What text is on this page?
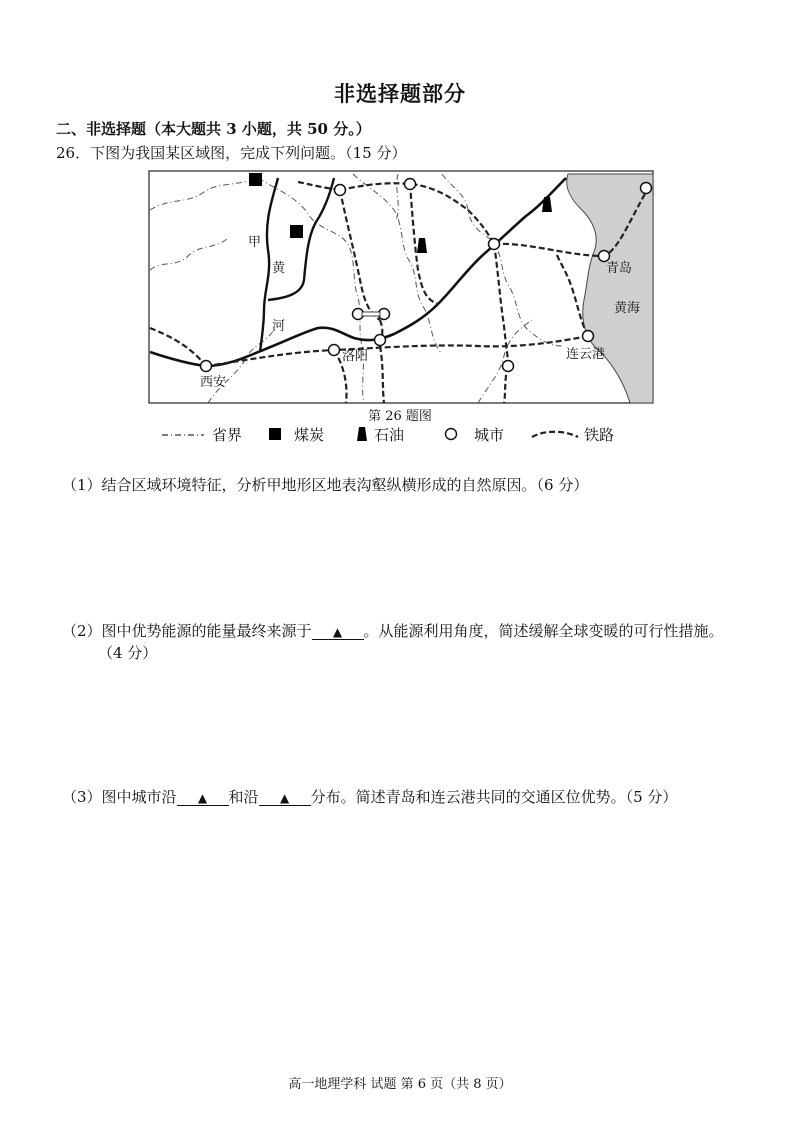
非选择题部分
二、非选择题（本大题共 3 小题，共 50 分。）
26．下图为我国某区域图，完成下列问题。（15 分）
甲
黄
河
西安
洛阳
青岛
黄海
连云港
第 26 题图
省界	煤炭	石油	城市	铁路
（1）结合区域环境特征，分析甲地形区地表沟壑纵横形成的自然原因。（6 分）
（2）图中优势能源的能量最终来源于 ▲ 。从能源利用角度，简述缓解全球变暖的可行性措施。
（4 分）
（3）图中城市沿 ▲ 和沿 ▲ 分布。简述青岛和连云港共同的交通区位优势。（5 分）
高一地理学科 试题 第 6 页（共 8 页）
